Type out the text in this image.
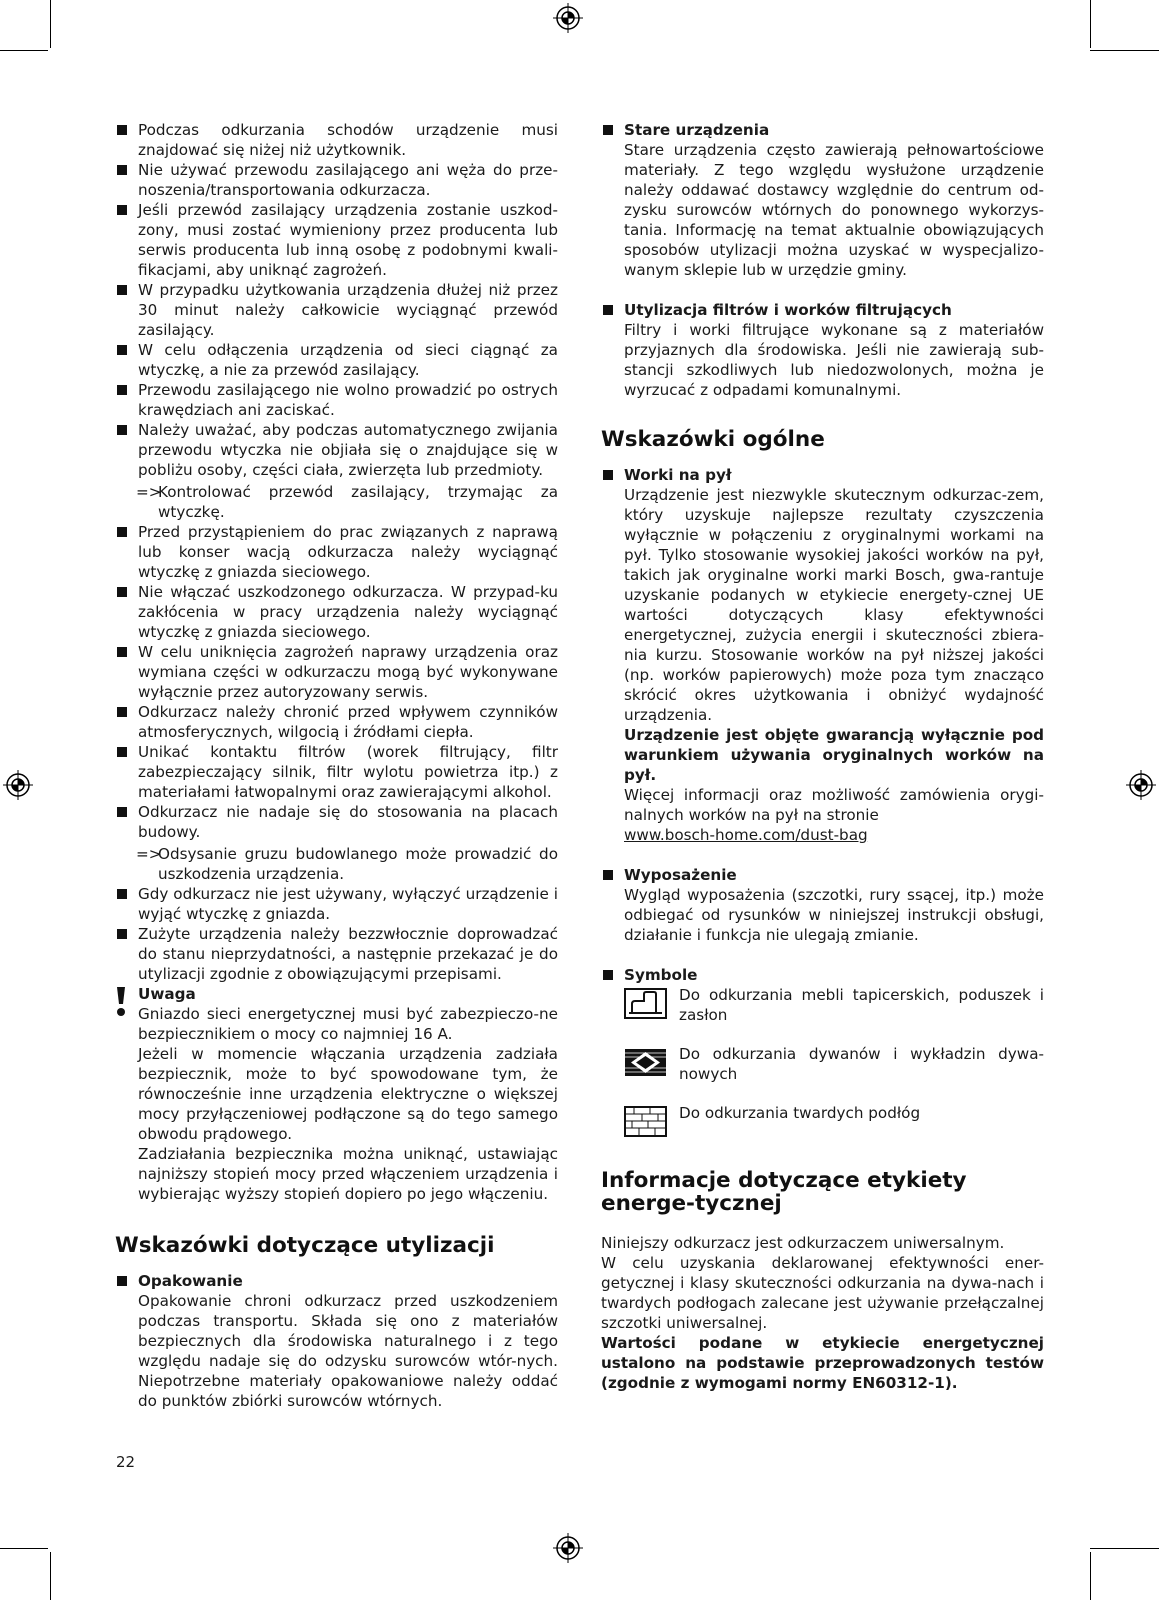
Podczas odkurzania schodów urządzenie musi znajdować się niżej niż użytkownik.
Nie używać przewodu zasilającego ani węża do prze-noszenia/transportowania odkurzacza.
Jeśli przewód zasilający urządzenia zostanie uszkod-zony, musi zostać wymieniony przez producenta lub serwis producenta lub inną osobę z podobnymi kwali-fikacjami, aby uniknąć zagrożeń.
W przypadku użytkowania urządzenia dłużej niż przez 30 minut należy całkowicie wyciągnąć przewód zasilający.
W celu odłączenia urządzenia od sieci ciągnąć za wtyczkę, a nie za przewód zasilający.
Przewodu zasilającego nie wolno prowadzić po ostrych krawędziach ani zaciskać.
Należy uważać, aby podczas automatycznego zwijania przewodu wtyczka nie objiała się o znajdujące się w pobliżu osoby, części ciała, zwierzęta lub przedmioty.
=>
Kontrolować przewód zasilający, trzymając za wtyczkę.
Przed przystąpieniem do prac związanych z naprawą lub konser wacją odkurzacza należy wyciągnąć wtyczkę z gniazda sieciowego.
Nie włączać uszkodzonego odkurzacza. W przypad-ku zakłócenia w pracy urządzenia należy wyciągnąć wtyczkę z gniazda sieciowego.
W celu uniknięcia zagrożeń naprawy urządzenia oraz wymiana części w odkurzaczu mogą być wykonywane wyłącznie przez autoryzowany serwis.
Odkurzacz należy chronić przed wpływem czynników atmosferycznych, wilgocią i źródłami ciepła.
Unikać kontaktu filtrów (worek filtrujący, filtr zabezpieczający silnik, filtr wylotu powietrza itp.) z materiałami łatwopalnymi oraz zawierającymi alkohol.
Odkurzacz nie nadaje się do stosowania na placach budowy.
=>
Odsysanie gruzu budowlanego może prowadzić do uszkodzenia urządzenia.
Gdy odkurzacz nie jest używany, wyłączyć urządzenie i wyjąć wtyczkę z gniazda.
Zużyte urządzenia należy bezzwłocznie doprowadzać do stanu nieprzydatności, a następnie przekazać je do utylizacji zgodnie z obowiązującymi przepisami.
Uwaga
Gniazdo sieci energetycznej musi być zabezpieczo-ne bezpiecznikiem o mocy co najmniej 16 A.
Jeżeli w momencie włączania urządzenia zadziała bezpiecznik, może to być spowodowane tym, że równocześnie inne urządzenia elektryczne o większej mocy przyłączeniowej podłączone są do tego samego obwodu prądowego.
Zadziałania bezpiecznika można uniknąć, ustawiając najniższy stopień mocy przed włączeniem urządzenia i wybierając wyższy stopień dopiero po jego włączeniu.
Wskazówki dotyczące utylizacji
Opakowanie
Opakowanie chroni odkurzacz przed uszkodzeniem podczas transportu. Składa się ono z materiałów bezpiecznych dla środowiska naturalnego i z tego względu nadaje się do odzysku surowców wtór-nych. Niepotrzebne materiały opakowaniowe należy oddać do punktów zbiórki surowców wtórnych.
Stare urządzenia
Stare urządzenia często zawierają pełnowartościowe materiały. Z tego względu wysłużone urządzenie należy oddawać dostawcy względnie do centrum od-zysku surowców wtórnych do ponownego wykorzys-tania. Informację na temat aktualnie obowiązujących sposobów utylizacji można uzyskać w wyspecjalizo-wanym sklepie lub w urzędzie gminy.
Utylizacja filtrów i worków filtrujących
Filtry i worki filtrujące wykonane są z materiałów przyjaznych dla środowiska. Jeśli nie zawierają sub-stancji szkodliwych lub niedozwolonych, można je wyrzucać z odpadami komunalnymi.
Wskazówki ogólne
Worki na pył
Urządzenie jest niezwykle skutecznym odkurzac-zem, który uzyskuje najlepsze rezultaty czyszczenia wyłącznie w połączeniu z oryginalnymi workami na pył. Tylko stosowanie wysokiej jakości worków na pył, takich jak oryginalne worki marki Bosch, gwa-rantuje uzyskanie podanych w etykiecie energety-cznej UE wartości dotyczących klasy efektywności energetycznej, zużycia energii i skuteczności zbiera-nia kurzu. Stosowanie worków na pył niższej jakości (np. worków papierowych) może poza tym znacząco skrócić okres użytkowania i obniżyć wydajność urządzenia.
Urządzenie jest objęte gwarancją wyłącznie pod warunkiem używania oryginalnych worków na pył.
Więcej informacji oraz możliwość zamówienia orygi-nalnych worków na pył na stronie
www.bosch-home.com/dust-bag
Wyposażenie
Wygląd wyposażenia (szczotki, rury ssącej, itp.) może odbiegać od rysunków w niniejszej instrukcji obsługi, działanie i funkcja nie ulegają zmianie.
Symbole
Do odkurzania mebli tapicerskich, poduszek i zasłon
Do odkurzania dywanów i wykładzin dywa-nowych
Do odkurzania twardych podłóg
Informacje dotyczące etykiety energe-tycznej
Niniejszy odkurzacz jest odkurzaczem uniwersalnym.
W celu uzyskania deklarowanej efektywności ener-getycznej i klasy skuteczności odkurzania na dywa-nach i twardych podłogach zalecane jest używanie przełączalnej szczotki uniwersalnej.
Wartości podane w etykiecie energetycznej ustalono na podstawie przeprowadzonych testów (zgodnie z wymogami normy EN60312-1).
22
